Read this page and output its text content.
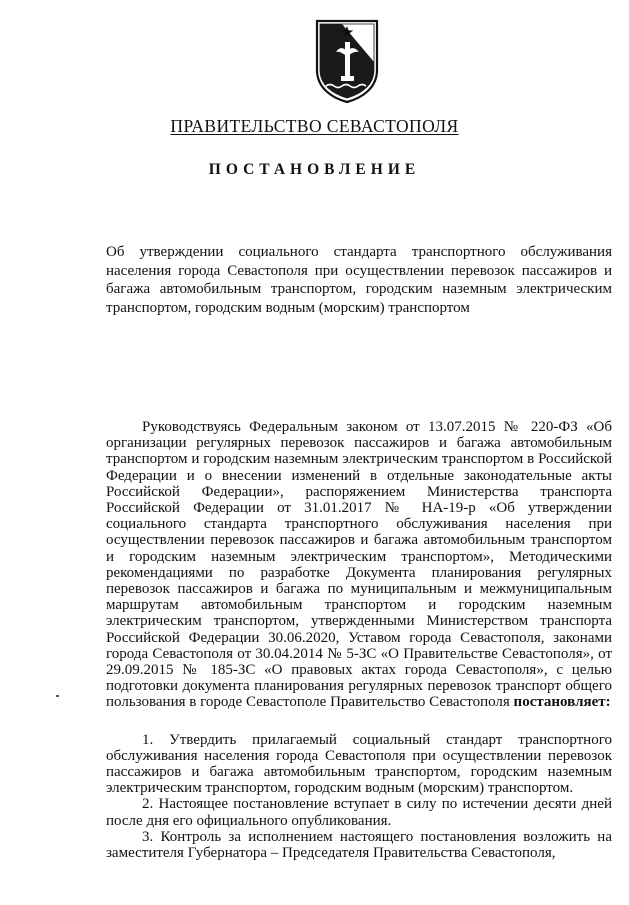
ПРАВИТЕЛЬСТВО СЕВАСТОПОЛЯ
ПОСТАНОВЛЕНИЕ
Об утверждении социального стандарта транспортного обслуживания населения города Севастополя при осуществлении перевозок пассажиров и багажа автомобильным транспортом, городским наземным электрическим транспортом, городским водным (морским) транспортом

Руководствуясь Федеральным законом от 13.07.2015 № 220-ФЗ «Об организации регулярных перевозок пассажиров и багажа автомобильным транспортом и городским наземным электрическим транспортом в Российской Федерации и о внесении изменений в отдельные законодательные акты Российской Федерации», распоряжением Министерства транспорта Российской Федерации от 31.01.2017 № НА-19-р «Об утверждении социального стандарта транспортного обслуживания населения при осуществлении перевозок пассажиров и багажа автомобильным транспортом и городским наземным электрическим транспортом», Методическими рекомендациями по разработке Документа планирования регулярных перевозок пассажиров и багажа по муниципальным и межмуниципальным маршрутам автомобильным транспортом и городским наземным электрическим транспортом, утвержденными Министерством транспорта Российской Федерации 30.06.2020, Уставом города Севастополя, законами города Севастополя от 30.04.2014 № 5-ЗС «О Правительстве Севастополя», от 29.09.2015 № 185-ЗС «О правовых актах города Севастополя», с целью подготовки документа планирования регулярных перевозок транспорт общего пользования в городе Севастополе Правительство Севастополя постановляет:

1. Утвердить прилагаемый социальный стандарт транспортного обслуживания населения города Севастополя при осуществлении перевозок пассажиров и багажа автомобильным транспортом, городским наземным электрическим транспортом, городским водным (морским) транспортом.

2. Настоящее постановление вступает в силу по истечении десяти дней после дня его официального опубликования.

3. Контроль за исполнением настоящего постановления возложить на заместителя Губернатора – Председателя Правительства Севастополя,
